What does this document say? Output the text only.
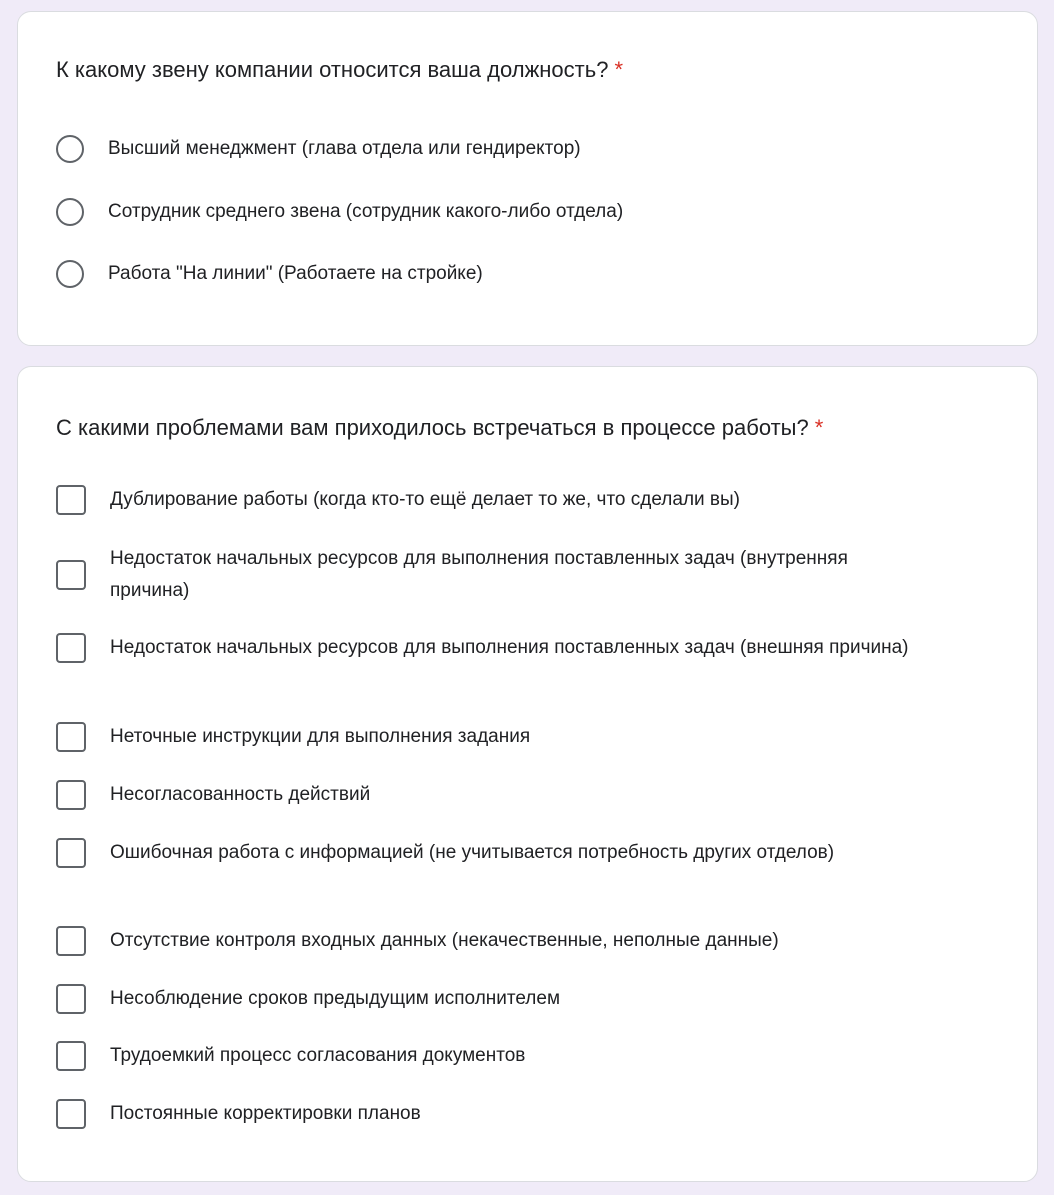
К какому звену компании относится ваша должность? *
Высший менеджмент (глава отдела или гендиректор)
Сотрудник среднего звена (сотрудник какого-либо отдела)
Работа "На линии" (Работаете на стройке)
С какими проблемами вам приходилось встречаться в процессе работы? *
Дублирование работы (когда кто-то ещё делает то же, что сделали вы)
Недостаток начальных ресурсов для выполнения поставленных задач (внутренняя причина)
Недостаток начальных ресурсов для выполнения поставленных задач (внешняя причина)
Неточные инструкции для выполнения задания
Несогласованность действий
Ошибочная работа с информацией (не учитывается потребность других отделов)
Отсутствие контроля входных данных (некачественные, неполные данные)
Несоблюдение сроков предыдущим исполнителем
Трудоемкий процесс согласования документов
Постоянные корректировки планов
